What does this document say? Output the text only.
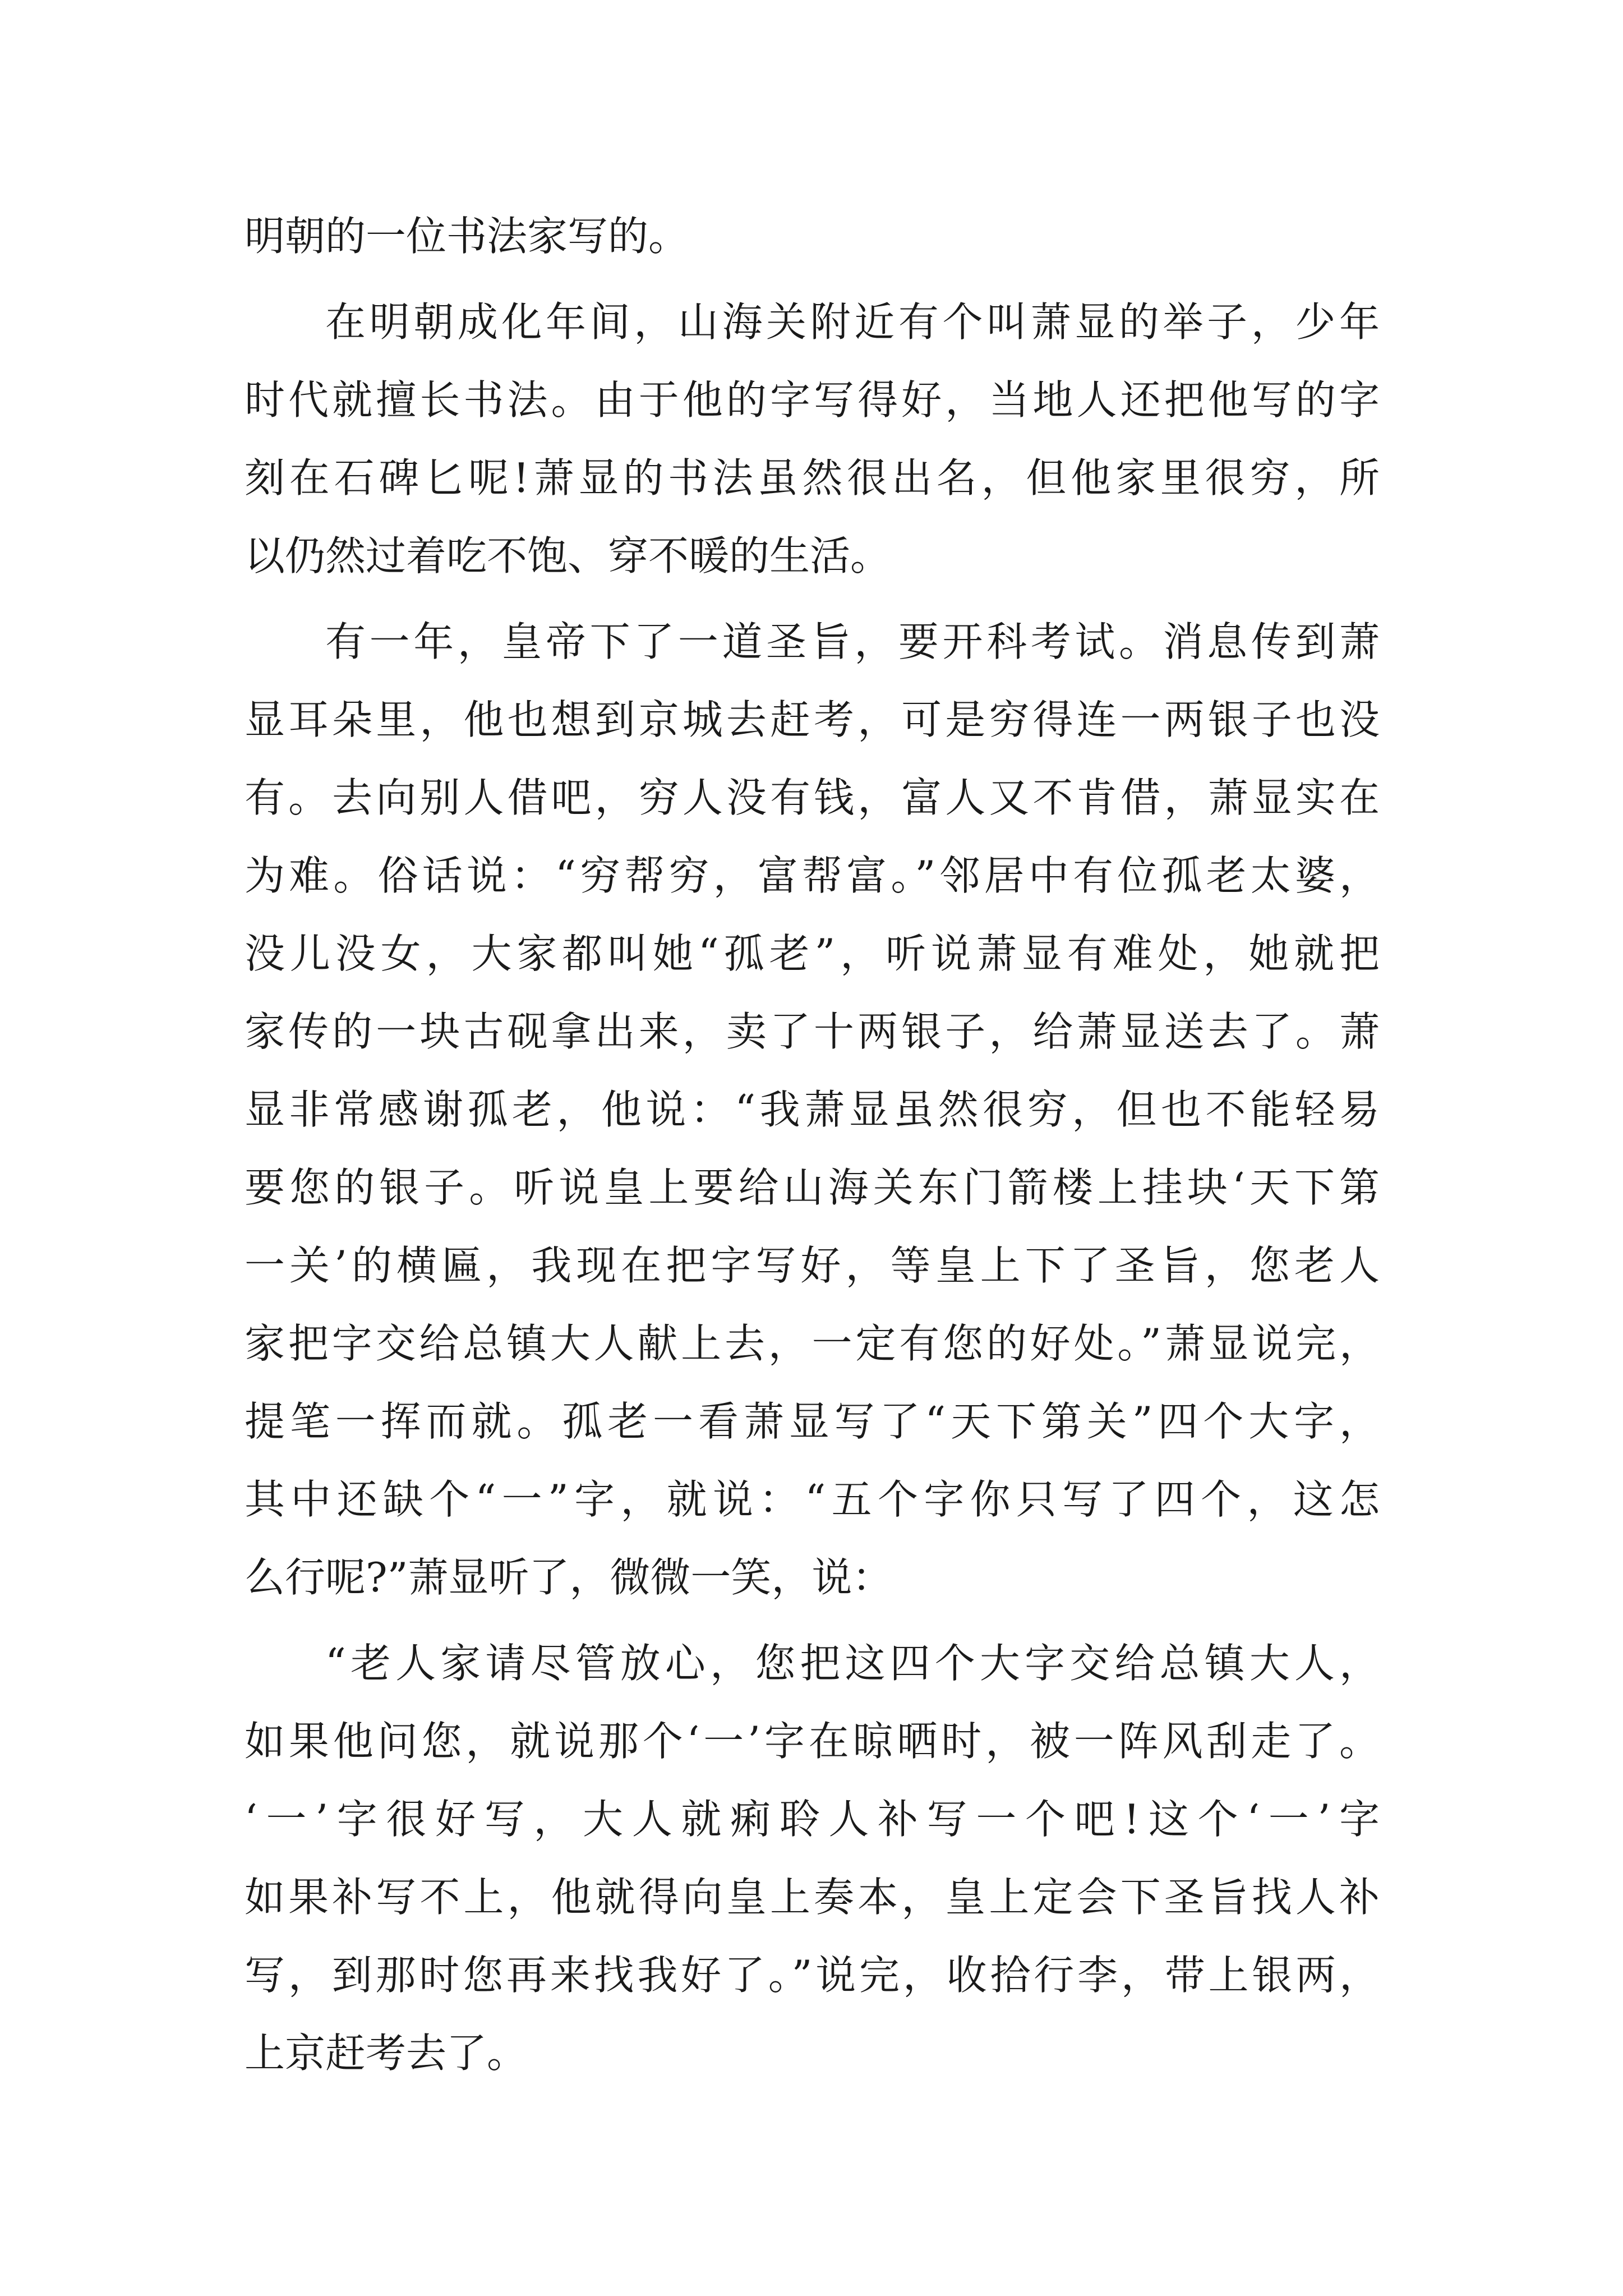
明朝的一位书法家写的。
在明朝成化年间，山海关附近有个叫萧显的举子，少年
时代就擅长书法。由于他的字写得好，当地人还把他写的字
刻在石碑匕呢!萧显的书法虽然很出名，但他家里很穷，所
以仍然过着吃不饱、穿不暖的生活。
有一年，皇帝下了一道圣旨，要开科考试。消息传到萧
显耳朵里，他也想到京城去赶考，可是穷得连一两银子也没
有。去向别人借吧，穷人没有钱，富人又不肯借，萧显实在
为难。俗话说：“穷帮穷，富帮富。”邻居中有位孤老太婆，
没儿没女，大家都叫她“孤老”，听说萧显有难处，她就把
家传的一块古砚拿出来，卖了十两银子，给萧显送去了。萧
显非常感谢孤老，他说：“我萧显虽然很穷，但也不能轻易
要您的银子。听说皇上要给山海关东门箭楼上挂块‘天下第
一关’的横匾，我现在把字写好，等皇上下了圣旨，您老人
家把字交给总镇大人献上去，一定有您的好处。”萧显说完，
提笔一挥而就。孤老一看萧显写了“天下第关”四个大字，
其中还缺个“一”字，就说：“五个字你只写了四个，这怎
么行呢?”萧显听了，微微一笑，说：
“老人家请尽管放心，您把这四个大字交给总镇大人，
如果他问您，就说那个‘一’字在晾晒时，被一阵风刮走了。
‘一’字很好写，大人就痢聆人补写一个吧!这个‘一’字
如果补写不上，他就得向皇上奏本，皇上定会下圣旨找人补
写，到那时您再来找我好了。”说完，收拾行李，带上银两，
上京赶考去了。
